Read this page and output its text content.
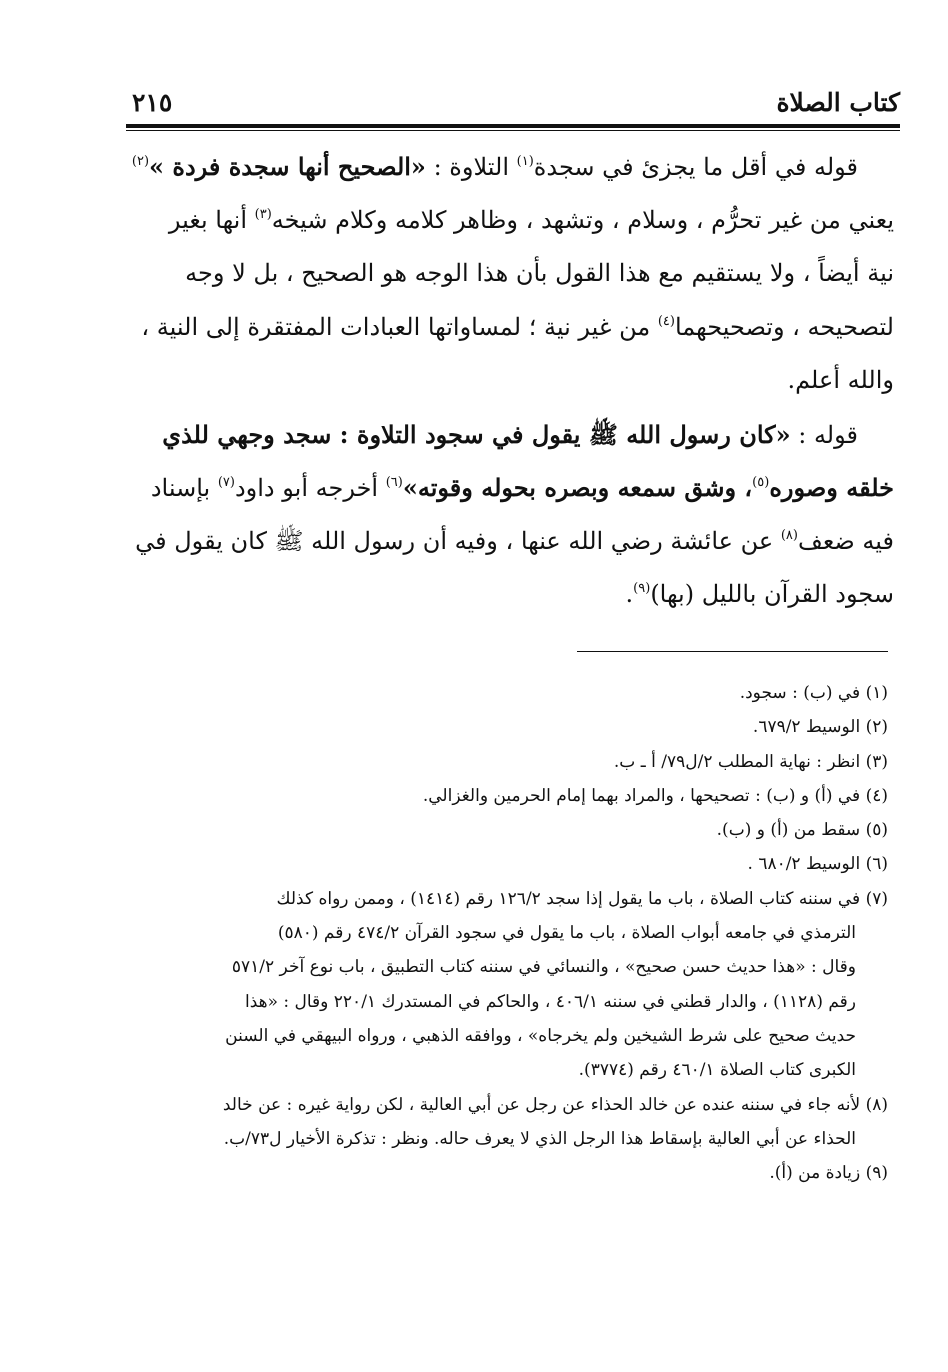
كتاب الصلاة
٢١٥
قوله في أقل ما يجزئ في سجدة$^{(١)}$ التلاوة : «الصحيح أنها سجدة فردة »$^{(٢)}$
يعني من غير تحرُّم ، وسلام ، وتشهد ، وظاهر كلامه وكلام شيخه$^{(٣)}$ أنها بغير
نية أيضاً ، ولا يستقيم مع هذا القول بأن هذا الوجه هو الصحيح ، بل لا وجه
لتصحيحه ، وتصحيحهما$^{(٤)}$ من غير نية ؛ لمساواتها العبادات المفتقرة إلى النية ،
والله أعلم.
قوله : «كان رسول الله ﷺ يقول في سجود التلاوة : سجد وجهي للذي
خلقه وصوره$^{(٥)}$، وشق سمعه وبصره بحوله وقوته»$^{(٦)}$ أخرجه أبو داود$^{(٧)}$ بإسناد
فيه ضعف$^{(٨)}$ عن عائشة رضي الله عنها ، وفيه أن رسول الله ﷺ كان يقول في
سجود القرآن بالليل (بها)$^{(٩)}$.
(١) في (ب) : سجود.
(٢) الوسيط ٦٧٩/٢.
(٣) انظر : نهاية المطلب ٢/ل٧٩/ أ ـ ب.
(٤) في (أ) و (ب) : تصحيحها ، والمراد بهما إمام الحرمين والغزالي.
(٥) سقط من (أ) و (ب).
(٦) الوسيط ٦٨٠/٢ .
(٧) في سننه كتاب الصلاة ، باب ما يقول إذا سجد ١٢٦/٢ رقم (١٤١٤) ، وممن رواه كذلك
الترمذي في جامعه أبواب الصلاة ، باب ما يقول في سجود القرآن ٤٧٤/٢ رقم (٥٨٠)
وقال : «هذا حديث حسن صحيح» ، والنسائي في سننه كتاب التطبيق ، باب نوع آخر ٥٧١/٢
رقم (١١٢٨) ، والدار قطني في سننه ٤٠٦/١ ، والحاكم في المستدرك ٢٢٠/١ وقال : «هذا
حديث صحيح على شرط الشيخين ولم يخرجاه» ، ووافقه الذهبي ، ورواه البيهقي في السنن
الكبرى كتاب الصلاة ٤٦٠/١ رقم (٣٧٧٤).
(٨) لأنه جاء في سننه عنده عن خالد الحذاء عن رجل عن أبي العالية ، لكن رواية غيره : عن خالد
الحذاء عن أبي العالية بإسقاط هذا الرجل الذي لا يعرف حاله. ونظر : تذكرة الأخيار ل٧٣/ب.
(٩) زيادة من (أ).
